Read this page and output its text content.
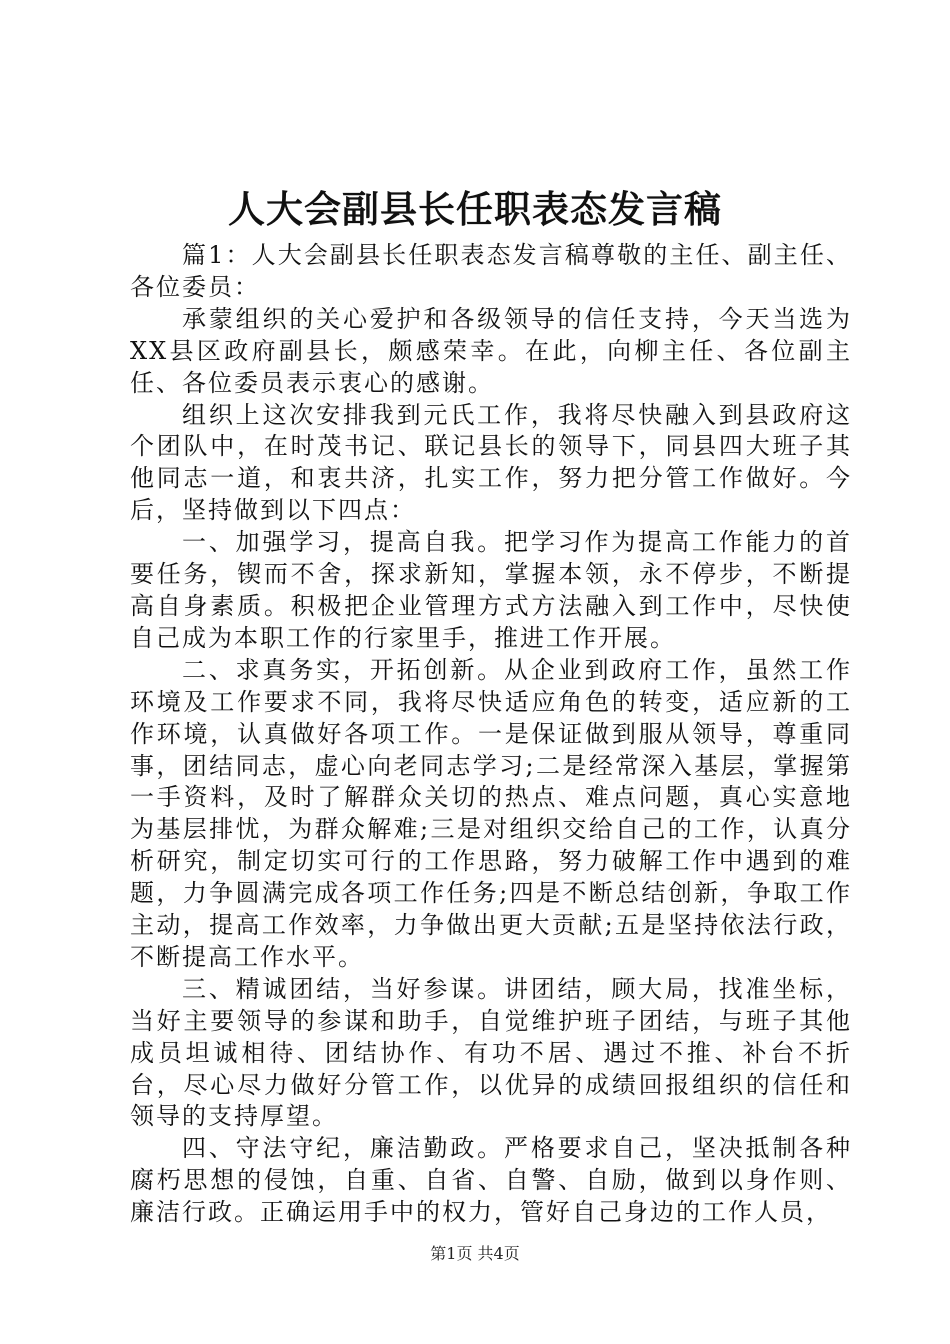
人大会副县长任职表态发言稿

篇1：人大会副县长任职表态发言稿尊敬的主任、副主任、各位委员：

承蒙组织的关心爱护和各级领导的信任支持，今天当选为XX县区政府副县长，颇感荣幸。在此，向柳主任、各位副主任、各位委员表示衷心的感谢。

组织上这次安排我到元氏工作，我将尽快融入到县政府这个团队中，在时茂书记、联记县长的领导下，同县四大班子其他同志一道，和衷共济，扎实工作，努力把分管工作做好。今后，坚持做到以下四点：

一、加强学习，提高自我。把学习作为提高工作能力的首要任务，锲而不舍，探求新知，掌握本领，永不停步，不断提高自身素质。积极把企业管理方式方法融入到工作中，尽快使自己成为本职工作的行家里手，推进工作开展。

二、求真务实，开拓创新。从企业到政府工作，虽然工作环境及工作要求不同，我将尽快适应角色的转变，适应新的工作环境，认真做好各项工作。一是保证做到服从领导，尊重同事，团结同志，虚心向老同志学习;二是经常深入基层，掌握第一手资料，及时了解群众关切的热点、难点问题，真心实意地为基层排忧，为群众解难;三是对组织交给自己的工作，认真分析研究，制定切实可行的工作思路，努力破解工作中遇到的难题，力争圆满完成各项工作任务;四是不断总结创新，争取工作主动，提高工作效率，力争做出更大贡献;五是坚持依法行政，不断提高工作水平。

三、精诚团结，当好参谋。讲团结，顾大局，找准坐标，当好主要领导的参谋和助手，自觉维护班子团结，与班子其他成员坦诚相待、团结协作、有功不居、遇过不推、补台不折台，尽心尽力做好分管工作，以优异的成绩回报组织的信任和领导的支持厚望。

四、守法守纪，廉洁勤政。严格要求自己，坚决抵制各种腐朽思想的侵蚀，自重、自省、自警、自励，做到以身作则、廉洁行政。正确运用手中的权力，管好自己身边的工作人员，

第1页 共4页
